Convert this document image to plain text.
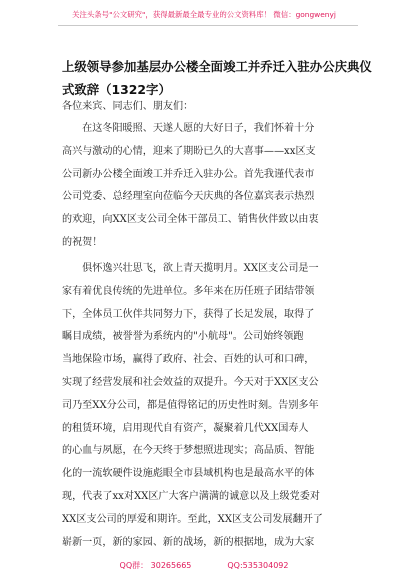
关注头条号"公文研究"，获得最新最全最专业的公文资料库！ 微信：gongwenyj
上级领导参加基层办公楼全面竣工并乔迁入驻办公庆典仪
式致辞（1322字）
各位来宾、同志们、朋友们：
　　在这冬阳暖照、天遂人愿的大好日子，我们怀着十分
高兴与激动的心情，迎来了期盼已久的大喜事——xx区支
公司新办公楼全面竣工并乔迁入驻办公。首先我谨代表市
公司党委、总经理室向莅临今天庆典的各位嘉宾表示热烈
的欢迎，向XX区支公司全体干部员工、销售伙伴致以由衷
的祝贺！
　　俱怀逸兴壮思飞，欲上青天揽明月。XX区支公司是一
家有着优良传统的先进单位。多年来在历任班子团结带领
下，全体员工伙伴共同努力下，获得了长足发展，取得了
瞩目成绩，被誉誉为系统内的"小航母"。公司始终领跑
当地保险市场，赢得了政府、社会、百姓的认可和口碑，
实现了经营发展和社会效益的双提升。今天对于XX区支公
司乃至XX分公司，都是值得铭记的历史性时刻。告别多年
的租赁环境，启用现代自有资产，凝聚着几代XX国寿人
的心血与夙愿，在今天终于梦想照进现实；高品质、智能
化的一流软硬件设施彪眼全市县域机构也是最高水平的体
现，代表了xx对XX区广大客户满满的诚意以及上级党委对
XX区支公司的厚爱和期许。至此，XX区支公司发展翻开了
崭新一页，新的家园、新的战场，新的根据地，成为大家
QQ群： 30265665	QQ:535304092
